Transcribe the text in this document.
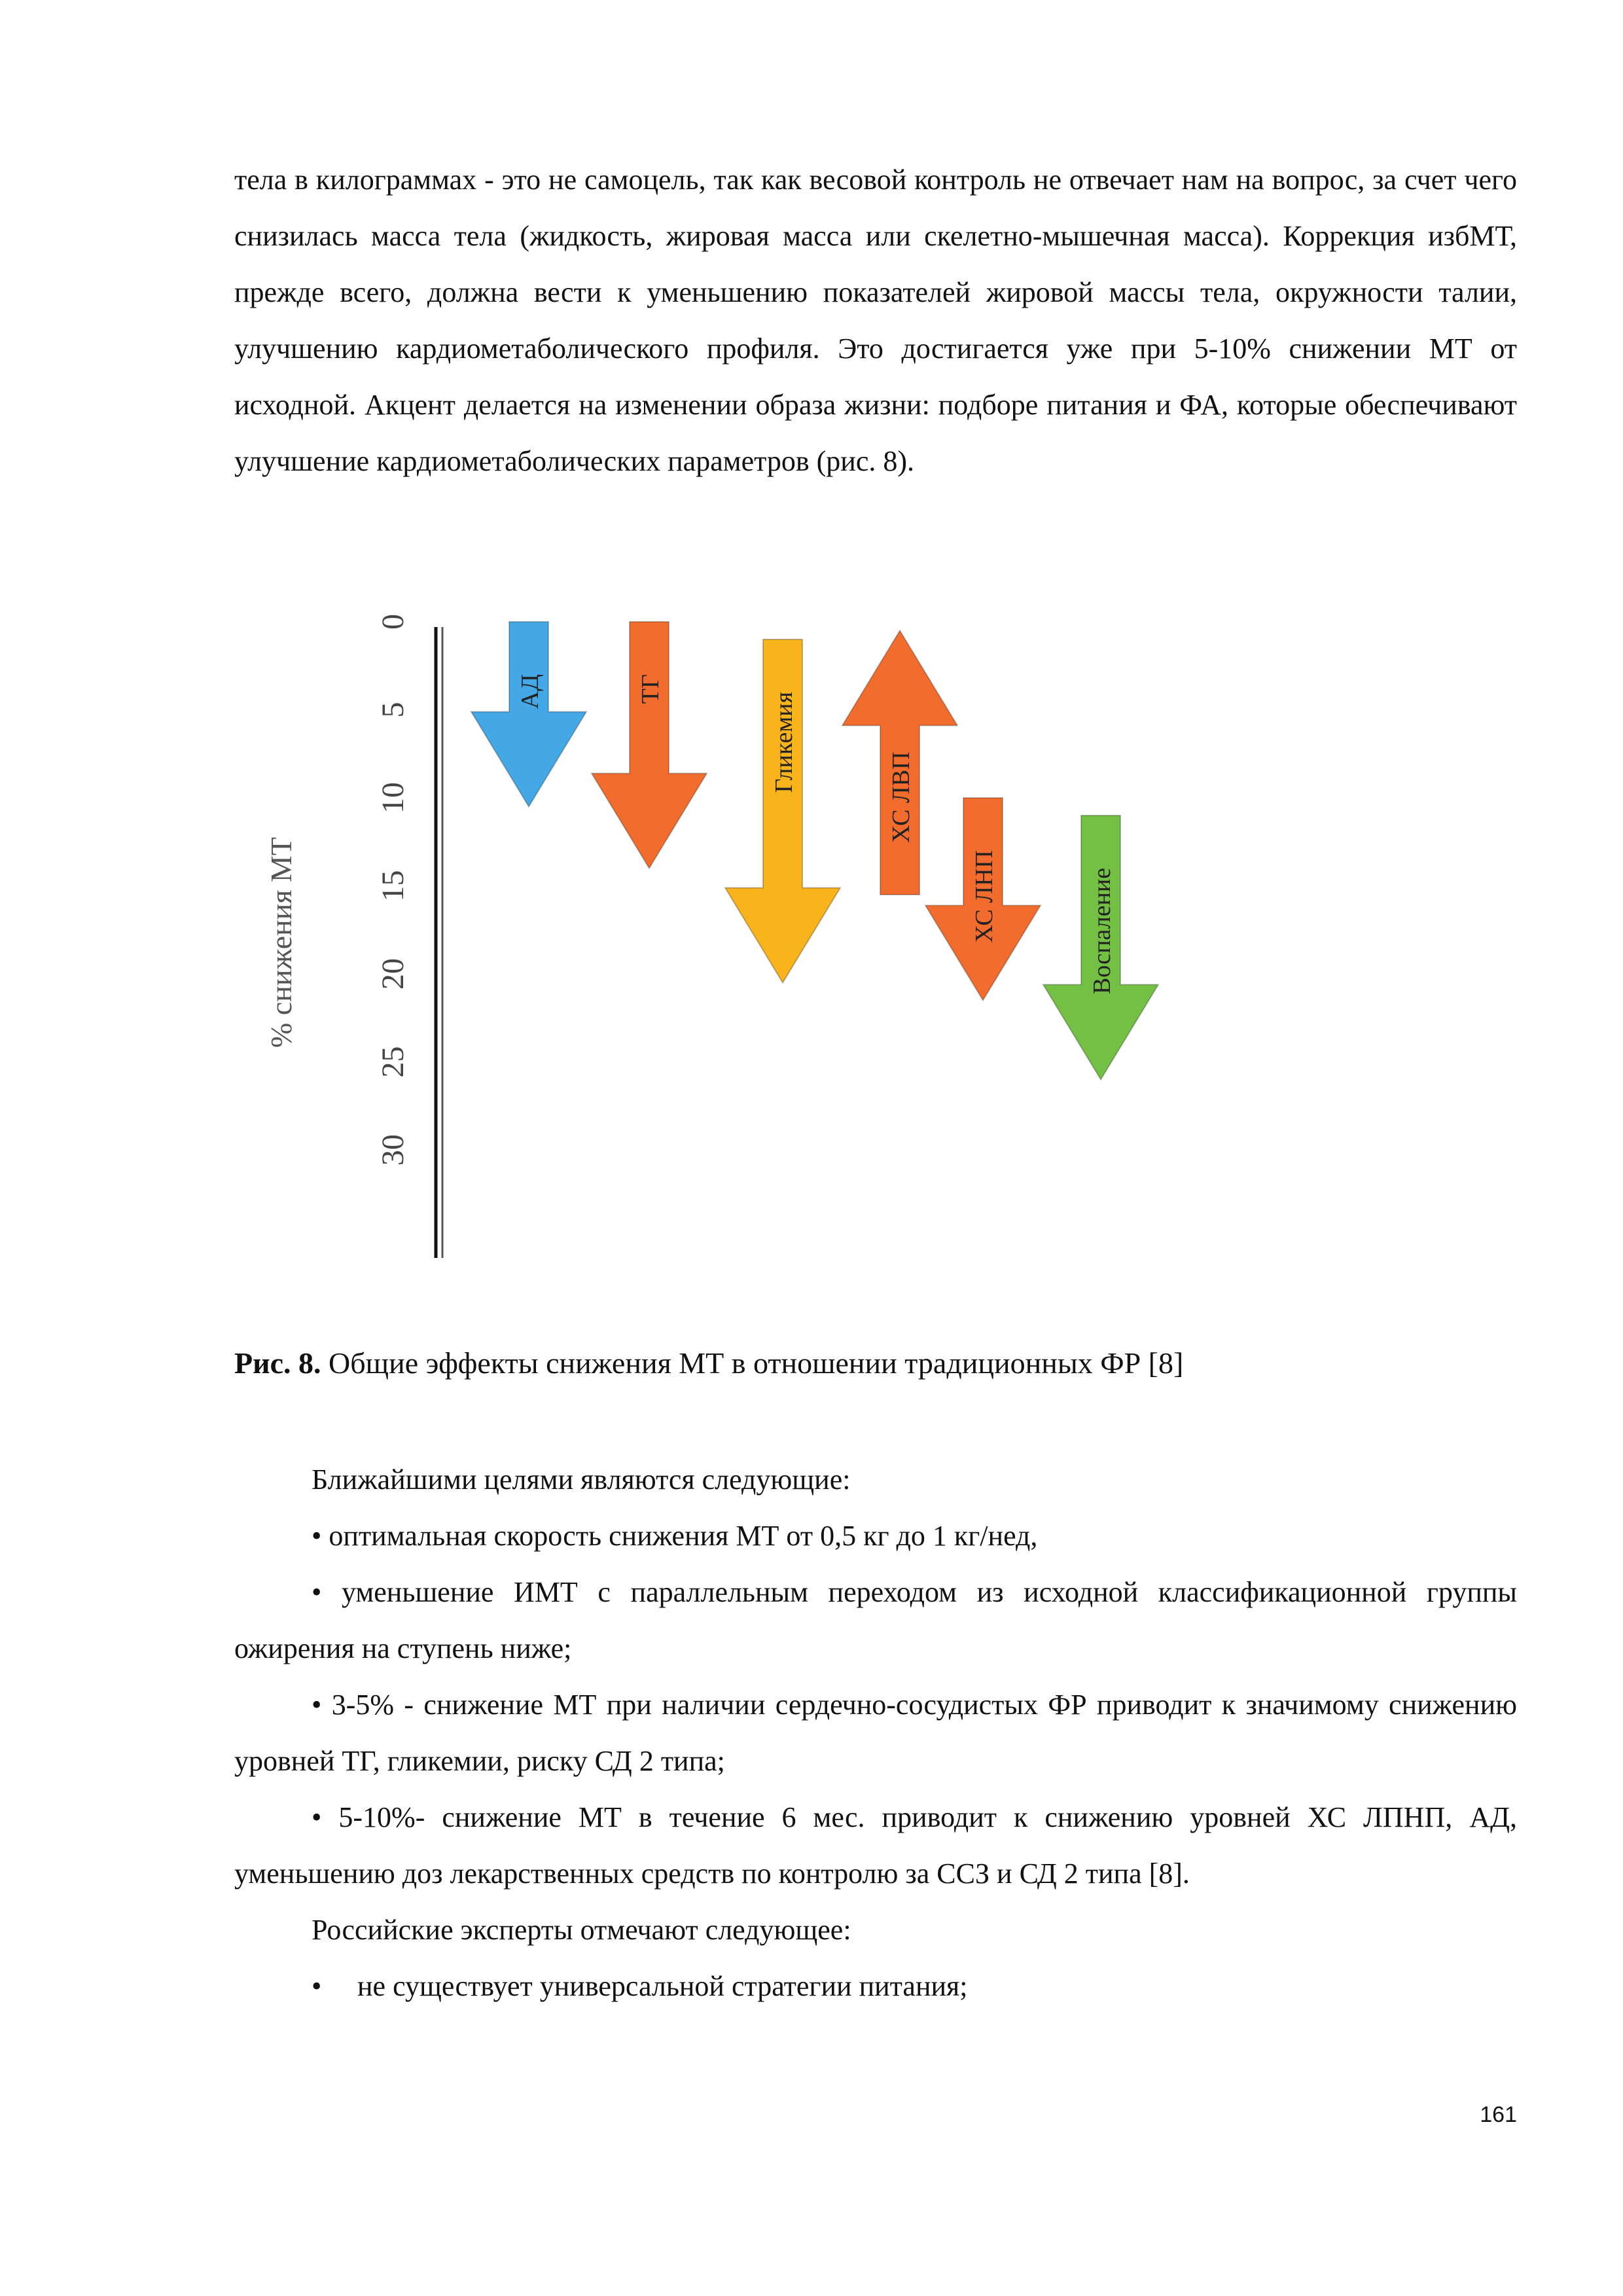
тела в килограммах - это не самоцель, так как весовой контроль не отвечает нам на вопрос, за счет чего снизилась масса тела (жидкость, жировая масса или скелетно-мышечная масса). Коррекция избМТ, прежде всего, должна вести к уменьшению показателей жировой массы тела, окружности талии, улучшению кардиометаболического профиля. Это достигается уже при 5-10% снижении МТ от исходной. Акцент делается на изменении образа жизни: подборе питания и ФА, которые обеспечивают улучшение кардиометаболических параметров (рис. 8).

% снижения МТ
0
5
10
15
20
25
30
АД	ТГ
Гликемия
ХС ЛВП
ХС ЛНП	Воспаление
Рис. 8. Общие эффекты снижения МТ в отношении традиционных ФР [8]

Ближайшими целями являются следующие:

• оптимальная скорость снижения МТ от 0,5 кг до 1 кг/нед,

• уменьшение ИМТ с параллельным переходом из исходной классификационной группы ожирения на ступень ниже;

• 3-5% - снижение МТ при наличии сердечно-сосудистых ФР приводит к значимому снижению уровней ТГ, гликемии, риску СД 2 типа;

• 5-10%- снижение МТ в течение 6 мес. приводит к снижению уровней ХС ЛПНП, АД, уменьшению доз лекарственных средств по контролю за ССЗ и СД 2 типа [8].

Российские эксперты отмечают следующее:

• не существует универсальной стратегии питания;
161
